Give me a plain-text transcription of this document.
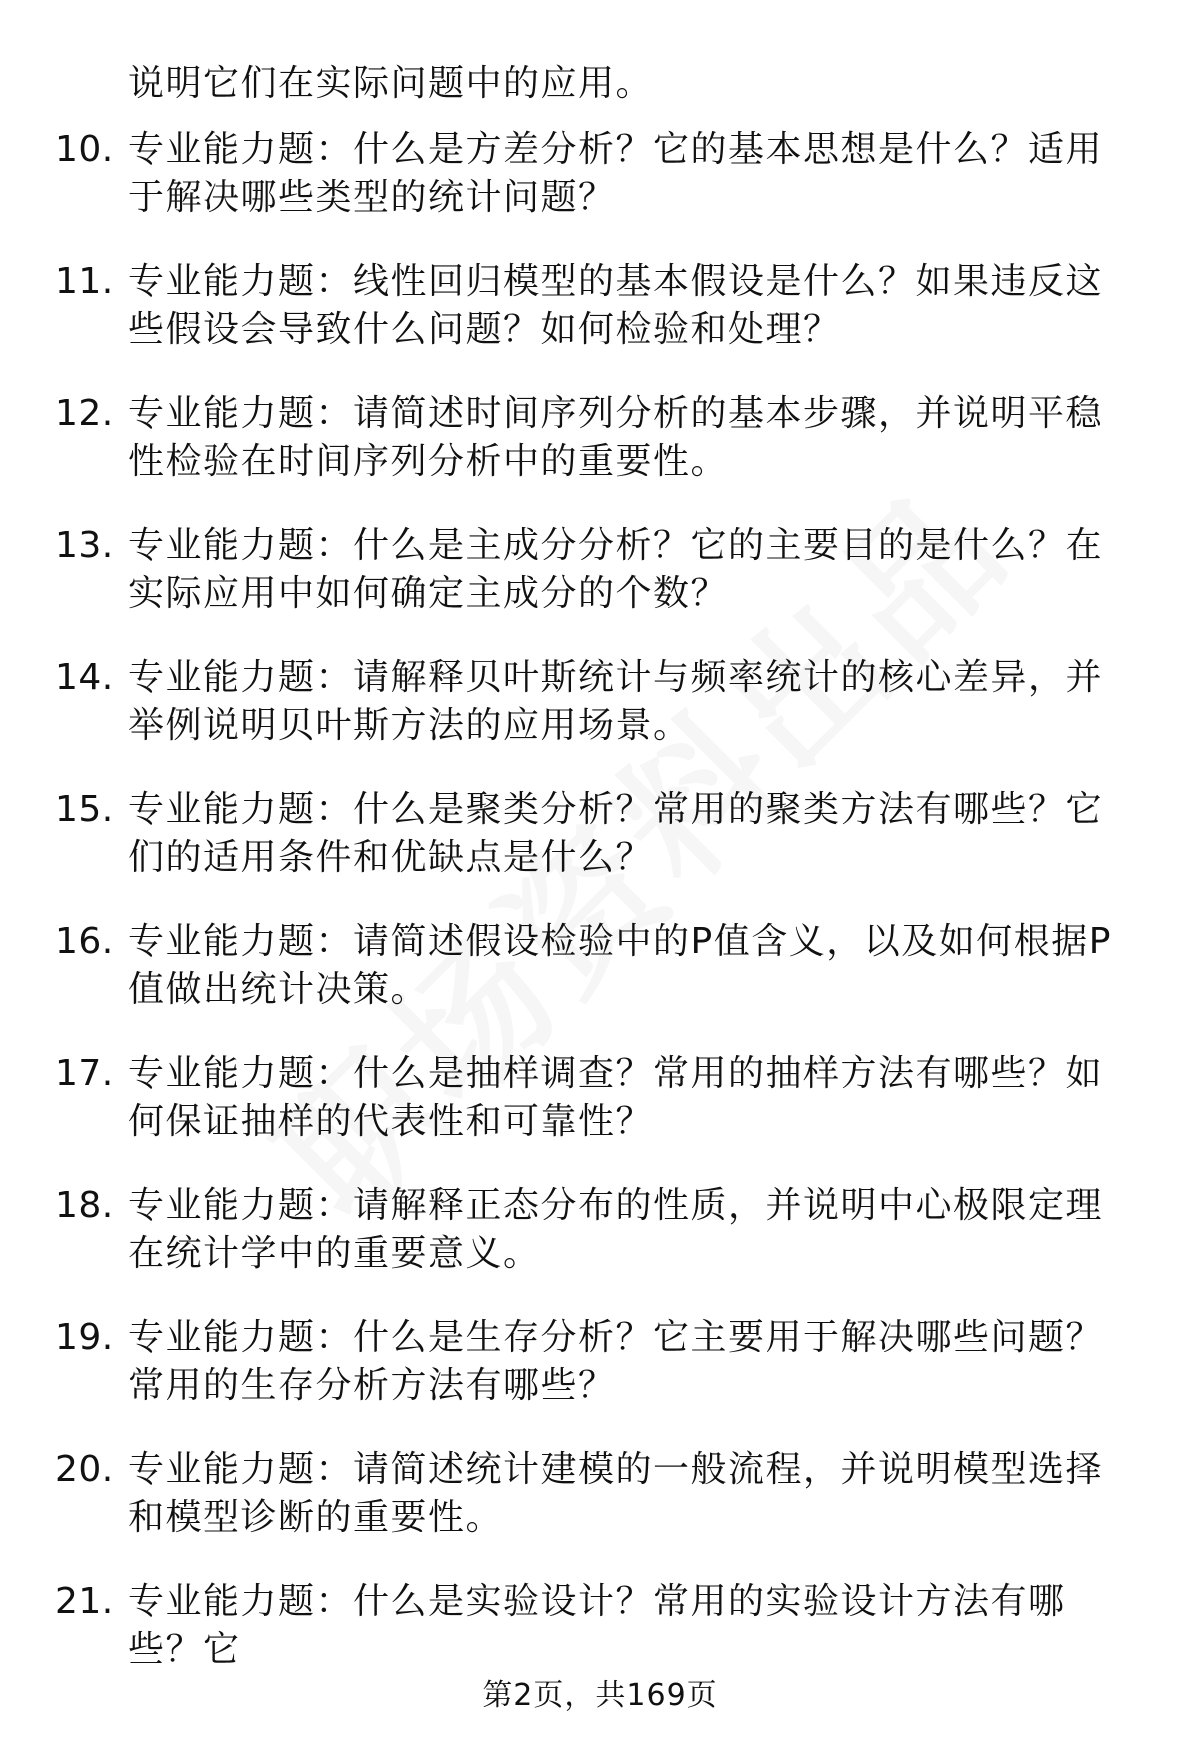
说明它们在实际问题中的应用。
10. 专业能力题：什么是方差分析？它的基本思想是什么？适用于解决哪些类型的统计问题？
11. 专业能力题：线性回归模型的基本假设是什么？如果违反这些假设会导致什么问题？如何检验和处理？
12. 专业能力题：请简述时间序列分析的基本步骤，并说明平稳性检验在时间序列分析中的重要性。
13. 专业能力题：什么是主成分分析？它的主要目的是什么？在实际应用中如何确定主成分的个数？
14. 专业能力题：请解释贝叶斯统计与频率统计的核心差异，并举例说明贝叶斯方法的应用场景。
15. 专业能力题：什么是聚类分析？常用的聚类方法有哪些？它们的适用条件和优缺点是什么？
16. 专业能力题：请简述假设检验中的P值含义，以及如何根据P值做出统计决策。
17. 专业能力题：什么是抽样调查？常用的抽样方法有哪些？如何保证抽样的代表性和可靠性？
18. 专业能力题：请解释正态分布的性质，并说明中心极限定理在统计学中的重要意义。
19. 专业能力题：什么是生存分析？它主要用于解决哪些问题？常用的生存分析方法有哪些？
20. 专业能力题：请简述统计建模的一般流程，并说明模型选择和模型诊断的重要性。
21. 专业能力题：什么是实验设计？常用的实验设计方法有哪些？它
第2页，共169页
